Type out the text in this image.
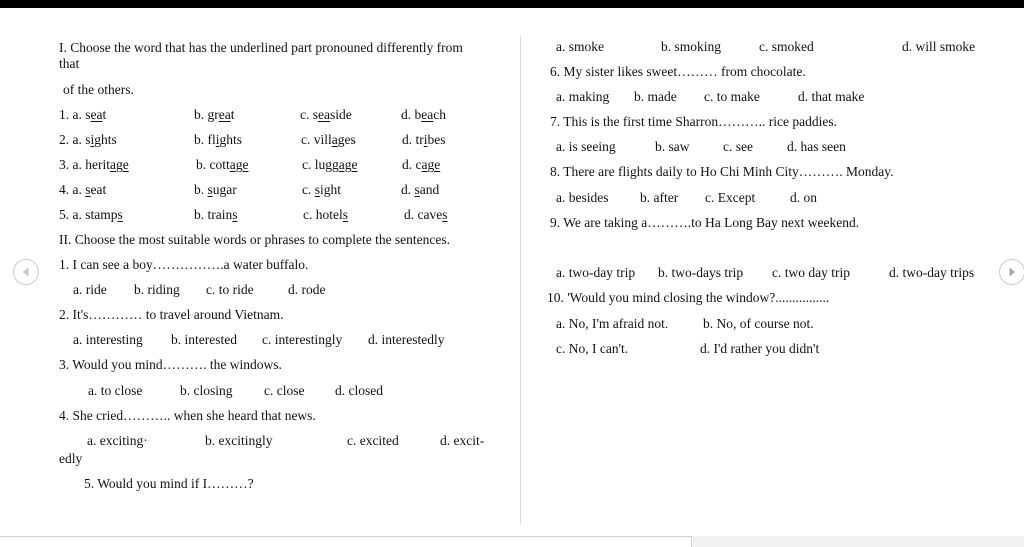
I. Choose the word that has the underlined part pronouned differently from
that
of the others.
1. a. seat	b. great	c. seaside	d. beach
2. a. sights	b. flights	c. villages	d. tribes
3. a. heritage	b. cottage	c. luggage	d. cage
4. a. seat	b. sugar	c. sight	d. sand
5. a. stamps	b. trains	c. hotels	d. caves
II. Choose the most suitable words or phrases to complete the sentences.
1. I can see a boy…………….a water buffalo.
a. ride b. riding c. to ride	d. rode
2. It's………… to travel around Vietnam.
a. interesting b. interested c. interestingly d. interestedly
3. Would you mind………. the windows.
a. to close	b. closing c. close d. closed
4. She cried……….. when she heard that news.
a. exciting·	b. excitingly	c. excited	d. excit-
edly
5. Would you mind if I………?
a. smoke	b. smoking	c. smoked	d. will smoke
6. My sister likes sweet……… from chocolate.
a. making b. made c. to make	d. that make
7. This is the first time Sharron……….. rice paddies.
a. is seeing	b. saw c. see	d. has seen
8. There are flights daily to Ho Chi Minh City………. Monday.
a. besides b. after c. Except	d. on
9. We are taking a……….to Ha Long Bay next weekend.
a. two-day trip b. two-days trip c. two day trip	d. two-day trips
10. 'Would you mind closing the window?................
a. No, I'm afraid not.	b. No, of course not.
c. No, I can't.	d. I'd rather you didn't
